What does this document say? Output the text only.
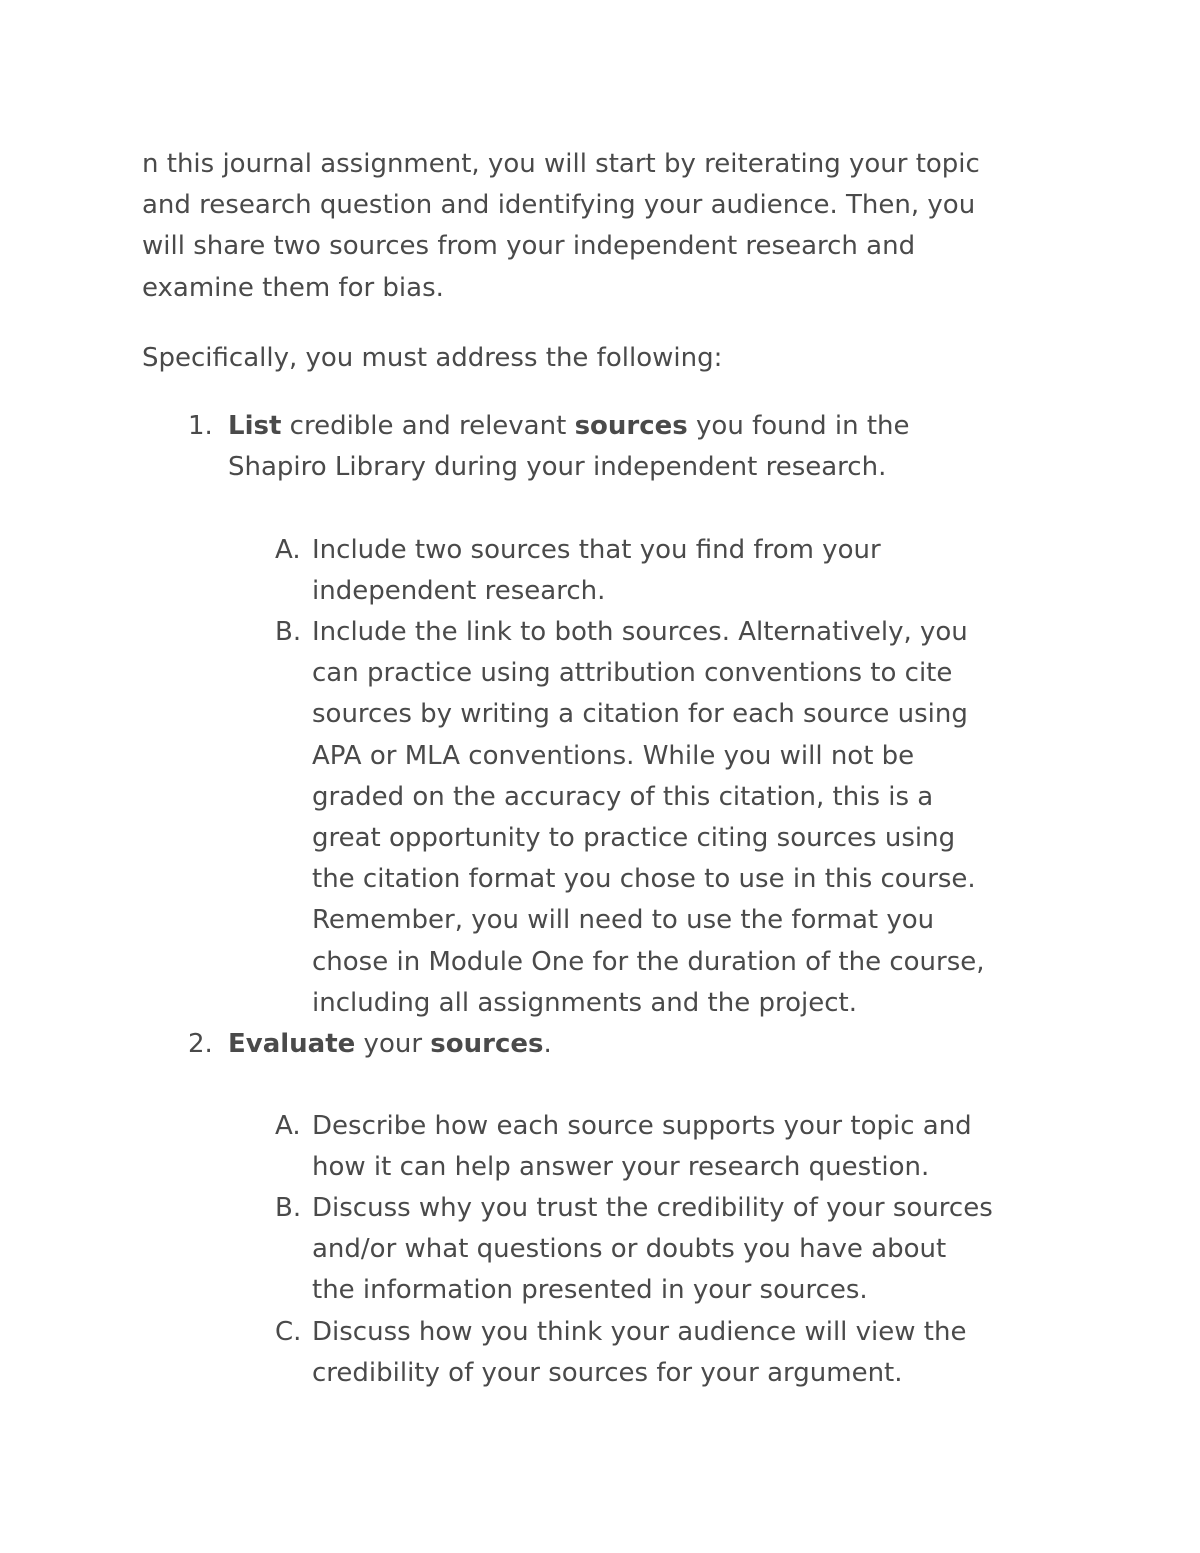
n this journal assignment, you will start by reiterating your topic
and research question and identifying your audience. Then, you
will share two sources from your independent research and
examine them for bias.

Specifically, you must address the following:

1. List credible and relevant sources you found in the
Shapiro Library during your independent research.
A. Include two sources that you find from your
independent research.
B. Include the link to both sources. Alternatively, you
can practice using attribution conventions to cite
sources by writing a citation for each source using
APA or MLA conventions. While you will not be
graded on the accuracy of this citation, this is a
great opportunity to practice citing sources using
the citation format you chose to use in this course.
Remember, you will need to use the format you
chose in Module One for the duration of the course,
including all assignments and the project.
2. Evaluate your sources.
A. Describe how each source supports your topic and
how it can help answer your research question.
B. Discuss why you trust the credibility of your sources
and/or what questions or doubts you have about
the information presented in your sources.
C. Discuss how you think your audience will view the
credibility of your sources for your argument.
